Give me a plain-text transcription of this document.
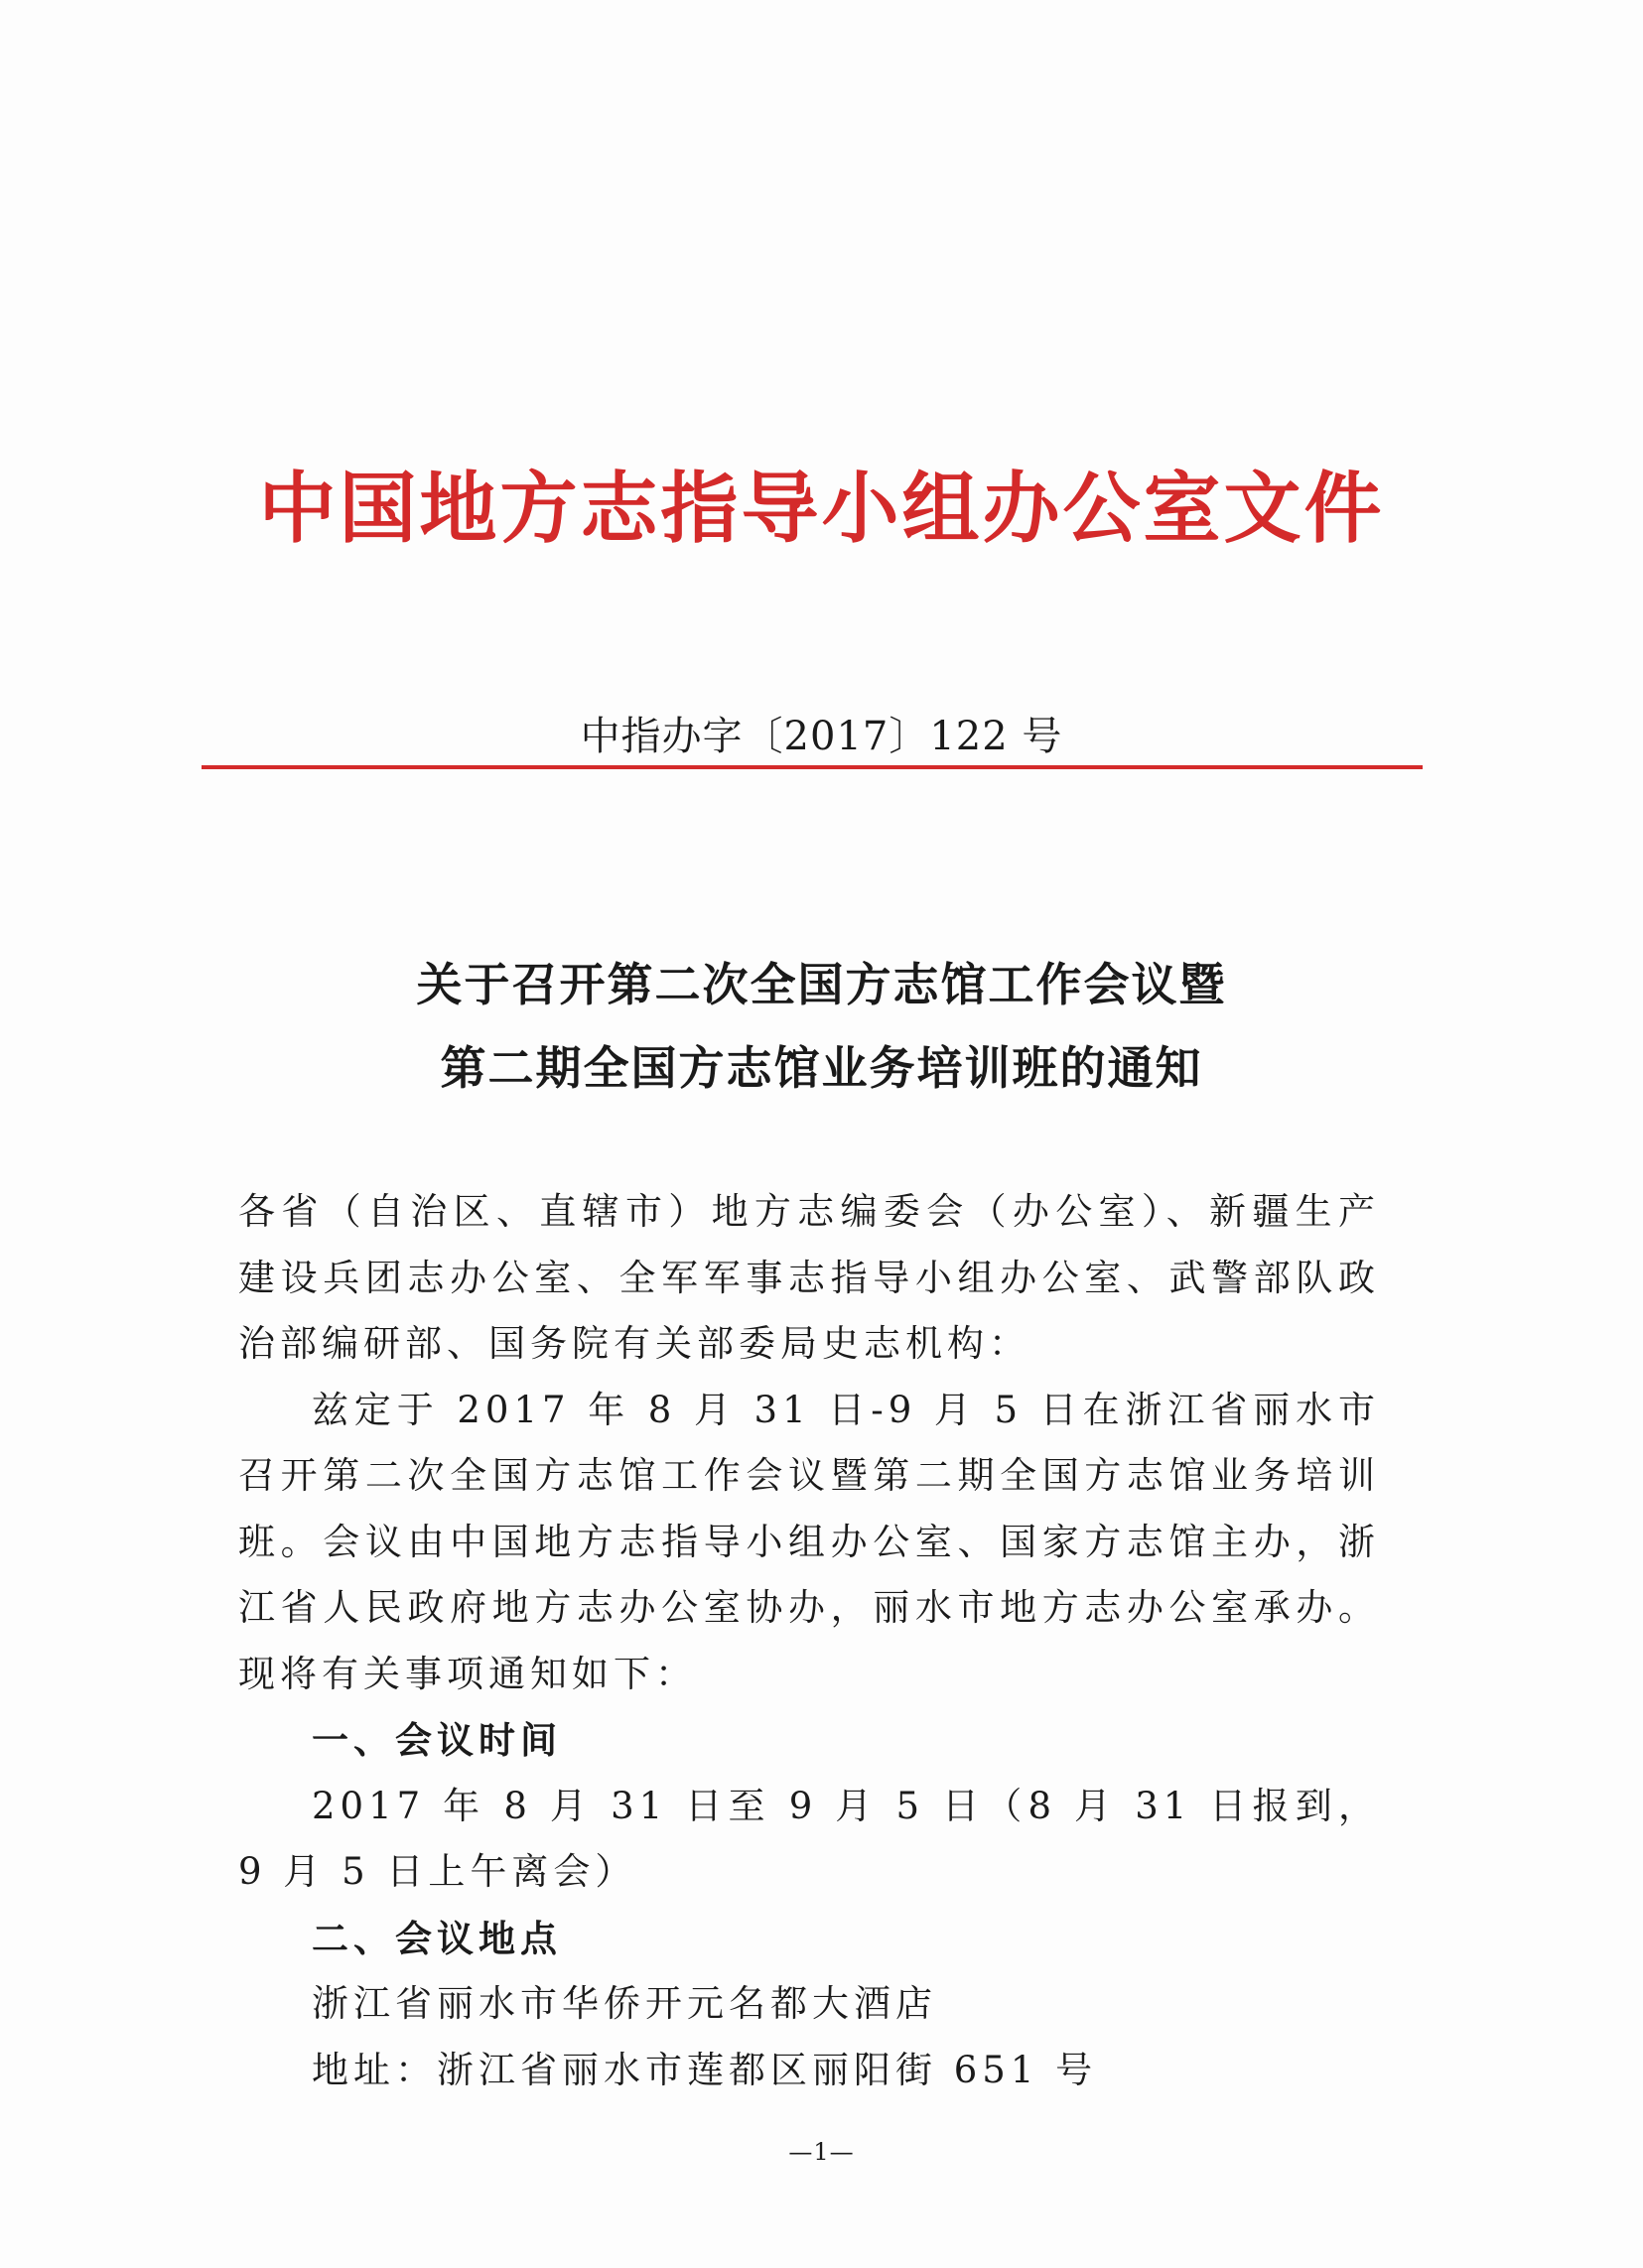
中国地方志指导小组办公室文件
中指办字〔2017〕122 号
关于召开第二次全国方志馆工作会议暨
第二期全国方志馆业务培训班的通知

各省（自治区、直辖市）地方志编委会（办公室）、新疆生产建设兵团志办公室、全军军事志指导小组办公室、武警部队政治部编研部、国务院有关部委局史志机构：

兹定于 2017 年 8 月 31 日-9 月 5 日在浙江省丽水市召开第二次全国方志馆工作会议暨第二期全国方志馆业务培训班。会议由中国地方志指导小组办公室、国家方志馆主办，浙江省人民政府地方志办公室协办，丽水市地方志办公室承办。现将有关事项通知如下：

一、会议时间

2017 年 8 月 31 日至 9 月 5 日（8 月 31 日报到，9 月 5 日上午离会）

二、会议地点

浙江省丽水市华侨开元名都大酒店

地址：浙江省丽水市莲都区丽阳街 651 号

—1—
